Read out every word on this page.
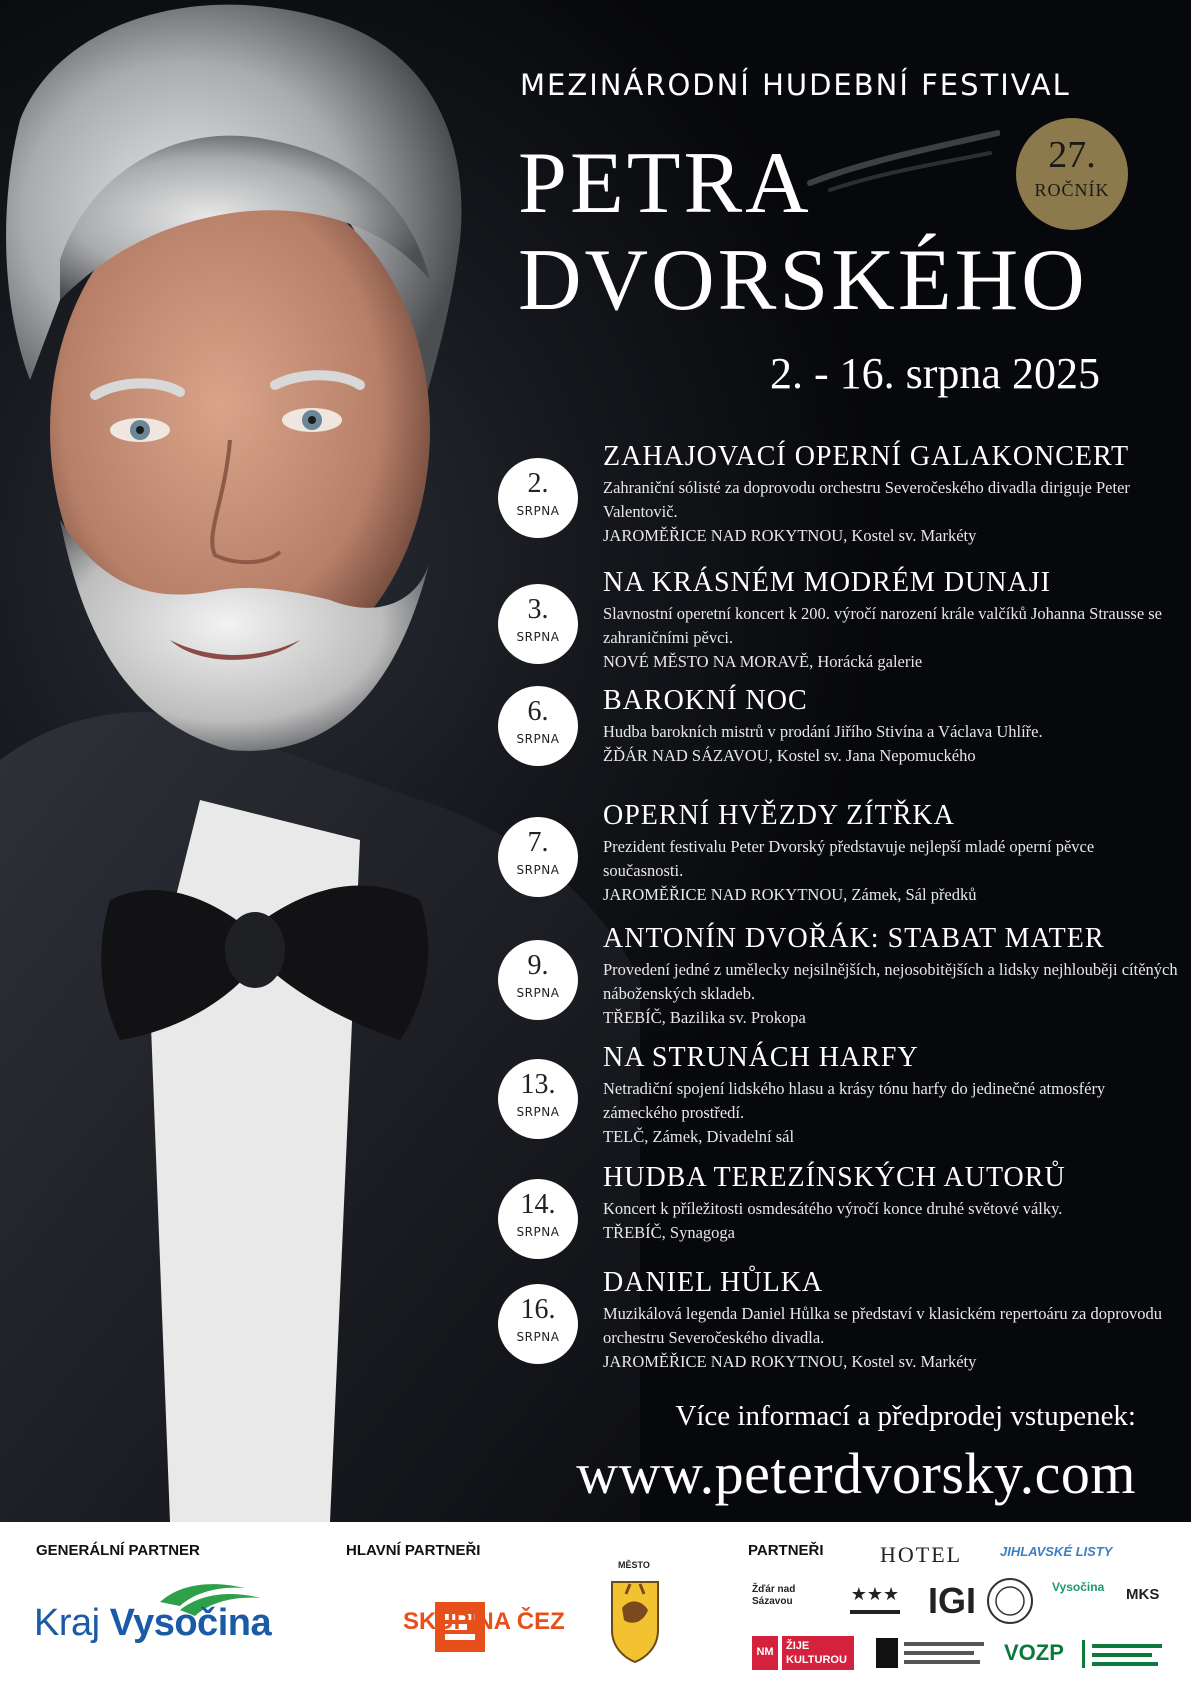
MEZINÁRODNÍ HUDEBNÍ FESTIVAL
PETRA
DVORSKÉHO
27.
ROČNÍK
2. - 16. srpna 2025
2.
SRPNA
ZAHAJOVACÍ OPERNÍ GALAKONCERT
Zahraniční sólisté za doprovodu orchestru Severočeského divadla diriguje Peter Valentovič.
JAROMĚŘICE NAD ROKYTNOU, Kostel sv. Markéty
3.
SRPNA
NA KRÁSNÉM MODRÉM DUNAJI
Slavnostní operetní koncert k 200. výročí narození krále valčíků Johanna Strausse se zahraničními pěvci.
NOVÉ MĚSTO NA MORAVĚ, Horácká galerie
6.
SRPNA
BAROKNÍ NOC
Hudba barokních mistrů v prodání Jiřího Stivína a Václava Uhlíře.
ŽĎÁR NAD SÁZAVOU, Kostel sv. Jana Nepomuckého
7.
SRPNA
OPERNÍ HVĚZDY ZÍTŘKA
Prezident festivalu Peter Dvorský představuje nejlepší mladé operní pěvce současnosti.
JAROMĚŘICE NAD ROKYTNOU, Zámek, Sál předků
9.
SRPNA
ANTONÍN DVOŘÁK: STABAT MATER
Provedení jedné z umělecky nejsilnějších, nejosobitějších a lidsky nejhlouběji cítěných náboženských skladeb.
TŘEBÍČ, Bazilika sv. Prokopa
13.
SRPNA
NA STRUNÁCH HARFY
Netradiční spojení lidského hlasu a krásy tónu harfy do jedinečné atmosféry zámeckého prostředí.
TELČ, Zámek, Divadelní sál
14.
SRPNA
HUDBA TEREZÍNSKÝCH AUTORŮ
Koncert k příležitosti osmdesátého výročí konce druhé světové války.
TŘEBÍČ, Synagoga
16.
SRPNA
DANIEL HŮLKA
Muzikálová legenda Daniel Hůlka se představí v klasickém repertoáru za doprovodu orchestru Severočeského divadla.
JAROMĚŘICE NAD ROKYTNOU, Kostel sv. Markéty
Více informací a předprodej vstupenek:
www.peterdvorsky.com
GENERÁLNÍ PARTNER	HLAVNÍ PARTNEŘI	PARTNEŘI
Kraj Vysočina	SKUPINA ČEZ
MĚSTO	HOTEL	JIHLAVSKÉ LISTY
Žďár nad Sázavou	★★★ IGI	Vysočina MKS
NM	ŽIJE
KULTUROU	VOZP
